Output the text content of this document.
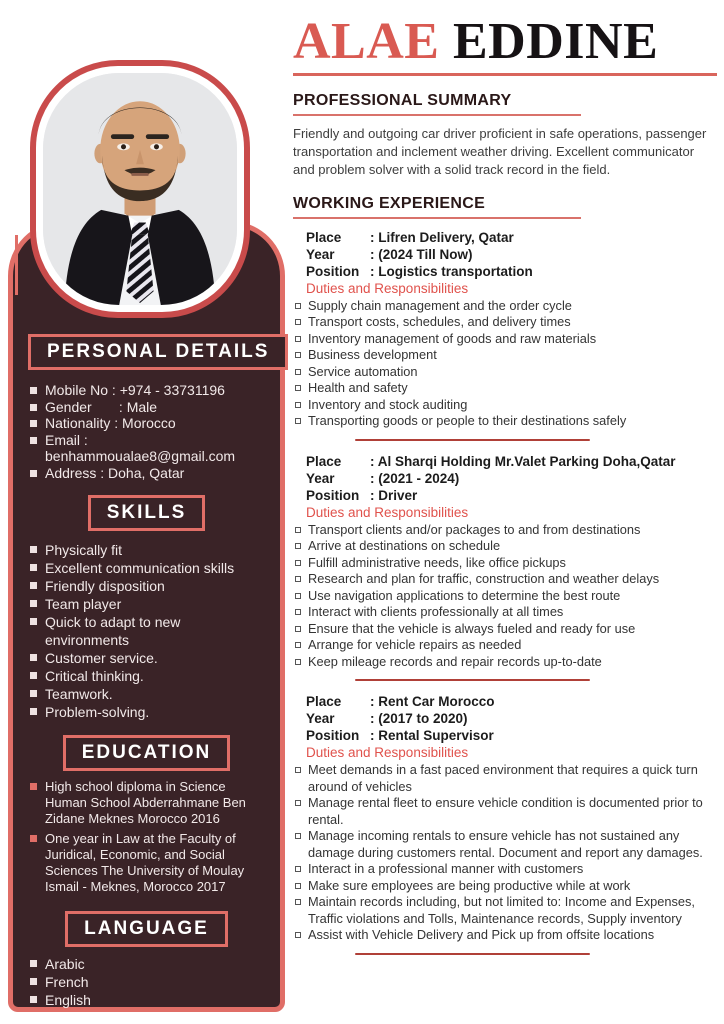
PERSONAL DETAILS
Mobile No : +974 - 33731196
Gender       : Male
Nationality : Morocco
Email : benhammoualae8@gmail.com
Address : Doha, Qatar
SKILLS
Physically fit
Excellent communication skills
Friendly disposition
Team player
Quick to adapt to new environments
Customer service.
Critical thinking.
Teamwork.
Problem-solving.
EDUCATION
High school diploma in Science Human School Abderrahmane Ben Zidane Meknes Morocco 2016
One year in Law at the Faculty of Juridical, Economic, and Social Sciences The University of Moulay Ismail - Meknes, Morocco 2017
LANGUAGE
Arabic
French
English
ALAE EDDINE
PROFESSIONAL SUMMARY

Friendly and outgoing car driver proficient in safe operations, passenger transportation and inclement weather driving. Excellent communicator and problem solver with a solid track record in the field.

WORKING EXPERIENCE
Place	: Lifren Delivery, Qatar
Year	: (2024 Till Now)
Position	: Logistics transportation
Duties and Responsibilities
Supply chain management and the order cycle
Transport costs, schedules, and delivery times
Inventory management of goods and raw materials
Business development
Service automation
Health and safety
Inventory and stock auditing
Transporting goods or people to their destinations safely
Place	: Al Sharqi Holding Mr.Valet Parking Doha,Qatar
Year	: (2021 - 2024)
Position	: Driver
Duties and Responsibilities
Transport clients and/or packages to and from destinations
Arrive at destinations on schedule
Fulfill administrative needs, like office pickups
Research and plan for traffic, construction and weather delays
Use navigation applications to determine the best route
Interact with clients professionally at all times
Ensure that the vehicle is always fueled and ready for use
Arrange for vehicle repairs as needed
Keep mileage records and repair records up-to-date
Place	: Rent Car Morocco
Year	: (2017 to 2020)
Position	: Rental Supervisor
Duties and Responsibilities
Meet demands in a fast paced environment that requires a quick turn around of vehicles
Manage rental fleet to ensure vehicle condition is documented prior to rental.
Manage incoming rentals to ensure vehicle has not sustained any damage during customers rental. Document and report any damages.
Interact in a professional manner with customers
Make sure employees are being productive while at work
Maintain records including, but not limited to: Income and Expenses, Traffic violations and Tolls, Maintenance records, Supply inventory
Assist with Vehicle Delivery and Pick up from offsite locations
